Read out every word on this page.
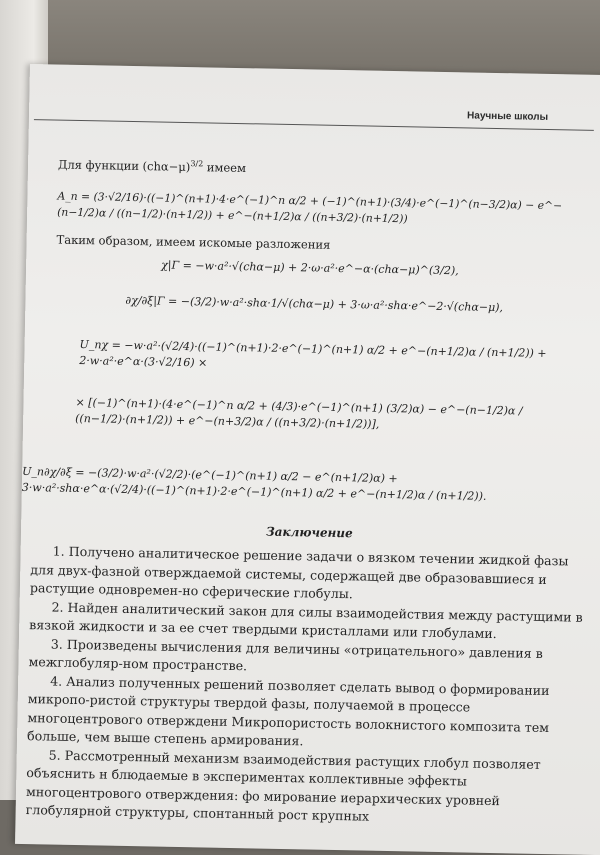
Научные школы
Для функции $(ch\alpha-\mu)^{3/2}$ имеем
A_n = (3·√2/16)·((−1)^(n+1)·4·e^(−1)^n α/2 + (−1)^(n+1)·(3/4)·e^(−1)^(n−3/2)α) − e^−(n−1/2)α / ((n−1/2)·(n+1/2)) + e^−(n+1/2)α / ((n+3/2)·(n+1/2))
Таким образом, имеем искомые разложения
χ|Γ = −w·a²·√(chα−μ) + 2·ω·a²·e^−α·(chα−μ)^(3/2),
∂χ/∂ξ|Γ = −(3/2)·w·a²·shα·1/√(chα−μ) + 3·ω·a²·shα·e^−2·√(chα−μ),
U_nχ = −w·a²·(√2/4)·((−1)^(n+1)·2·e^(−1)^(n+1) α/2 + e^−(n+1/2)α / (n+1/2)) + 2·w·a²·e^α·(3·√2/16) ×
× [(−1)^(n+1)·(4·e^(−1)^n α/2 + (4/3)·e^(−1)^(n+1) (3/2)α) − e^−(n−1/2)α / ((n−1/2)·(n+1/2)) + e^−(n+3/2)α / ((n+3/2)·(n+1/2))],
U_n∂χ/∂ξ = −(3/2)·w·a²·(√2/2)·(e^(−1)^(n+1) α/2 − e^(n+1/2)α) + 3·w·a²·shα·e^α·(√2/4)·((−1)^(n+1)·2·e^(−1)^(n+1) α/2 + e^−(n+1/2)α / (n+1/2)).
Заключение

1. Получено аналитическое решение задачи о вязком течении жидкой фазы для двух-фазной отверждаемой системы, содержащей две образовавшиеся и растущие одновремен-но сферические глобулы.

2. Найден аналитический закон для силы взаимодействия между растущими в вязкой жидкости и за ее счет твердыми кристаллами или глобулами.

3. Произведены вычисления для величины «отрицательного» давления в межглобуляр-ном пространстве.

4. Анализ полученных решений позволяет сделать вывод о формировании микропо-ристой структуры твердой фазы, получаемой в процессе многоцентрового отверждени Микропористость волокнистого композита тем больше, чем выше степень армирования.

5. Рассмотренный механизм взаимодействия растущих глобул позволяет объяснить н блюдаемые в экспериментах коллективные эффекты многоцентрового отверждения: фо мирование иерархических уровней глобулярной структуры, спонтанный рост крупных
